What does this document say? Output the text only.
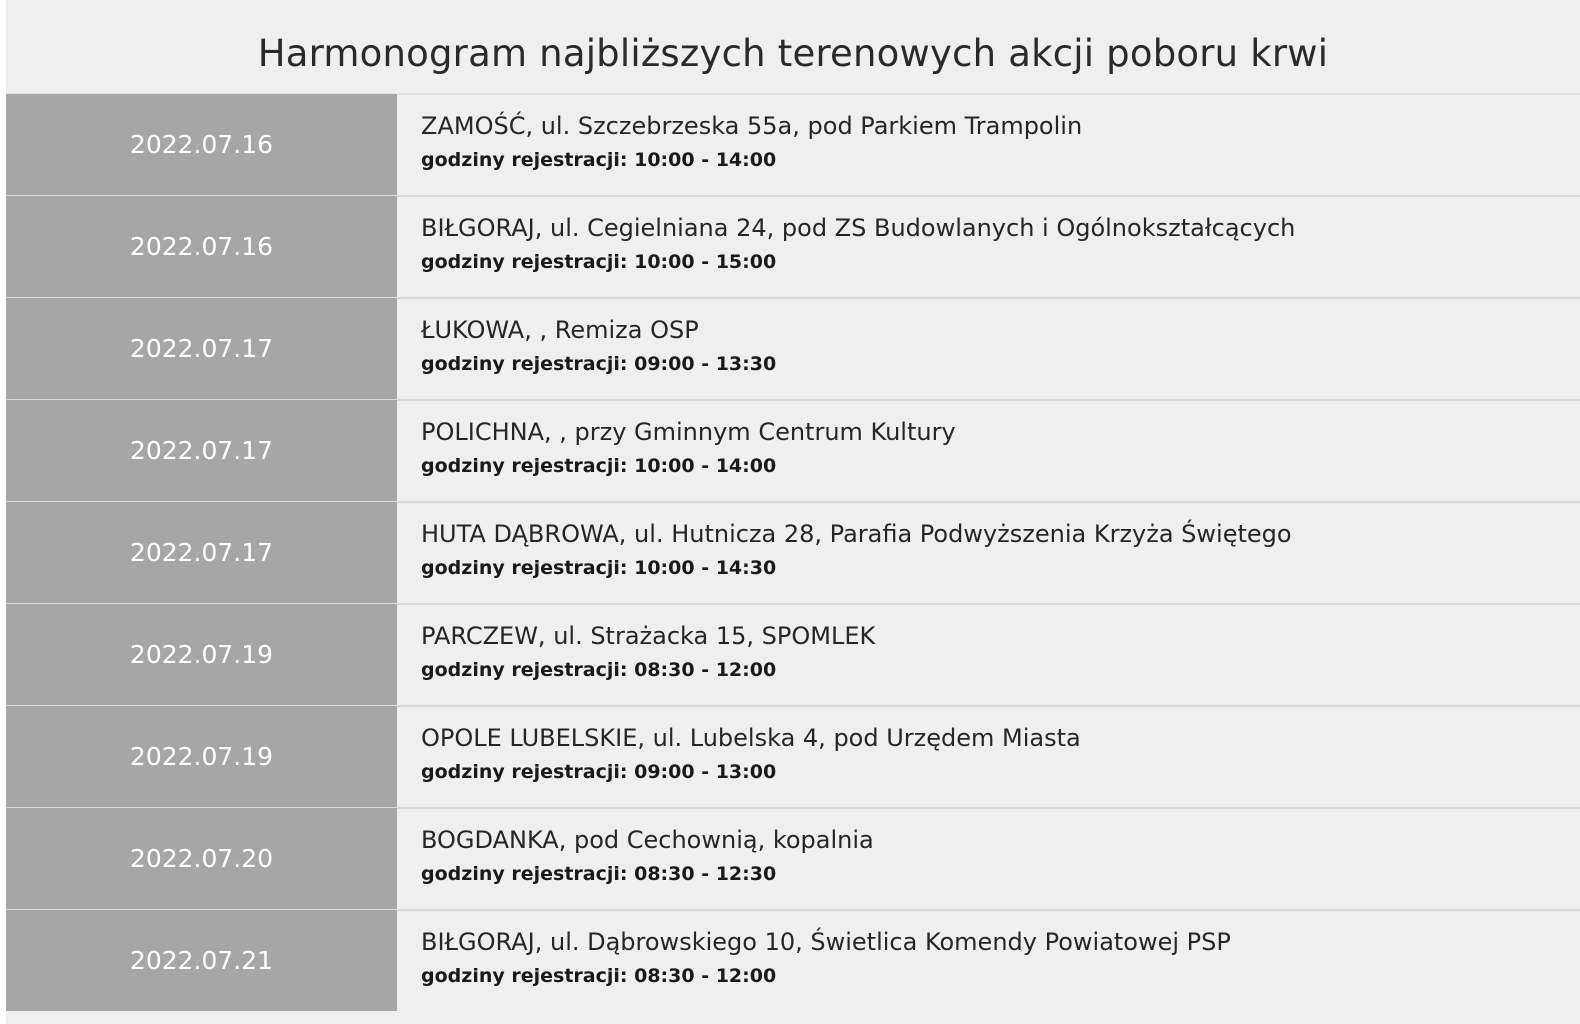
Harmonogram najbliższych terenowych akcji poboru krwi
2022.07.16
ZAMOŚĆ, ul. Szczebrzeska 55a, pod Parkiem Trampolin
godziny rejestracji: 10:00 - 14:00
2022.07.16
BIŁGORAJ, ul. Cegielniana 24, pod ZS Budowlanych i Ogólnokształcących
godziny rejestracji: 10:00 - 15:00
2022.07.17
ŁUKOWA, , Remiza OSP
godziny rejestracji: 09:00 - 13:30
2022.07.17
POLICHNA, , przy Gminnym Centrum Kultury
godziny rejestracji: 10:00 - 14:00
2022.07.17
HUTA DĄBROWA, ul. Hutnicza 28, Parafia Podwyższenia Krzyża Świętego
godziny rejestracji: 10:00 - 14:30
2022.07.19
PARCZEW, ul. Strażacka 15, SPOMLEK
godziny rejestracji: 08:30 - 12:00
2022.07.19
OPOLE LUBELSKIE, ul. Lubelska 4, pod Urzędem Miasta
godziny rejestracji: 09:00 - 13:00
2022.07.20
BOGDANKA, pod Cechownią, kopalnia
godziny rejestracji: 08:30 - 12:30
2022.07.21
BIŁGORAJ, ul. Dąbrowskiego 10, Świetlica Komendy Powiatowej PSP
godziny rejestracji: 08:30 - 12:00
